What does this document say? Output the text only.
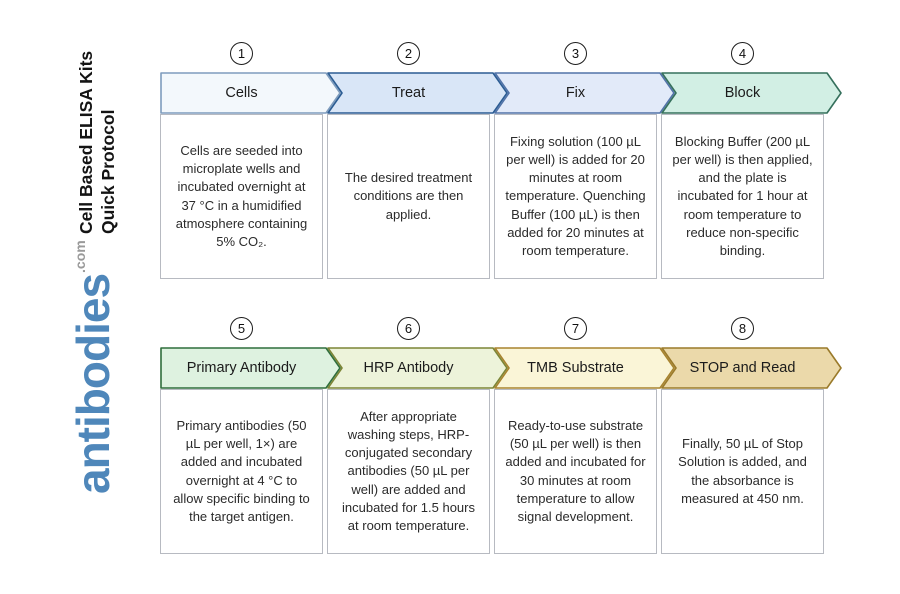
Cell Based ELISA Kits Quick Protocol
antibodies.com
1
Cells

Cells are seeded into microplate wells and incubated overnight at 37 °C in a humidified atmosphere containing 5% CO₂.

2
Treat

The desired treatment conditions are then applied.

3
Fix

Fixing solution (100 µL per well) is added for 20 minutes at room temperature. Quenching Buffer (100 µL) is then added for 20 minutes at room temperature.

4
Block

Blocking Buffer (200 µL per well) is then applied, and the plate is incubated for 1 hour at room temperature to reduce non-specific binding.

5
Primary Antibody

Primary antibodies (50 µL per well, 1×) are added and incubated overnight at 4 °C to allow specific binding to the target antigen.

6
HRP Antibody

After appropriate washing steps, HRP-conjugated secondary antibodies (50 µL per well) are added and incubated for 1.5 hours at room temperature.

7
TMB Substrate

Ready-to-use substrate (50 µL per well) is then added and incubated for 30 minutes at room temperature to allow signal development.

8
STOP and Read

Finally, 50 µL of Stop Solution is added, and the absorbance is measured at 450 nm.
